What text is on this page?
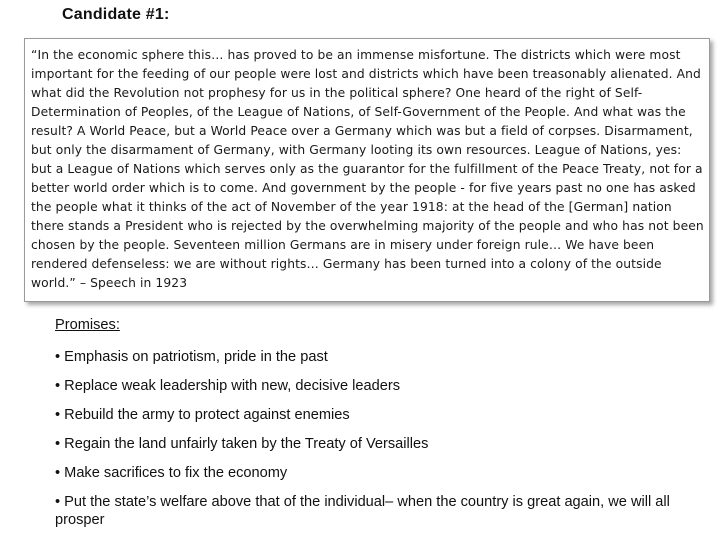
Candidate #1:

“In the economic sphere this… has proved to be an immense misfortune. The districts which were most important for the feeding of our people were lost and districts which have been treasonably alienated. And what did the Revolution not prophesy for us in the political sphere? One heard of the right of Self-Determination of Peoples, of the League of Nations, of Self-Government of the People. And what was the result? A World Peace, but a World Peace over a Germany which was but a field of corpses. Disarmament, but only the disarmament of Germany, with Germany looting its own resources. League of Nations, yes: but a League of Nations which serves only as the guarantor for the fulfillment of the Peace Treaty, not for a better world order which is to come. And government by the people - for five years past no one has asked the people what it thinks of the act of November of the year 1918: at the head of the [German] nation there stands a President who is rejected by the overwhelming majority of the people and who has not been chosen by the people. Seventeen million Germans are in misery under foreign rule… We have been rendered defenseless: we are without rights… Germany has been turned into a colony of the outside world.” – Speech in 1923

Promises:
• Emphasis on patriotism, pride in the past
• Replace weak leadership with new, decisive leaders
• Rebuild the army to protect against enemies
• Regain the land unfairly taken by the Treaty of Versailles
• Make sacrifices to fix the economy
• Put the state’s welfare above that of the individual– when the country is great again, we will all prosper
